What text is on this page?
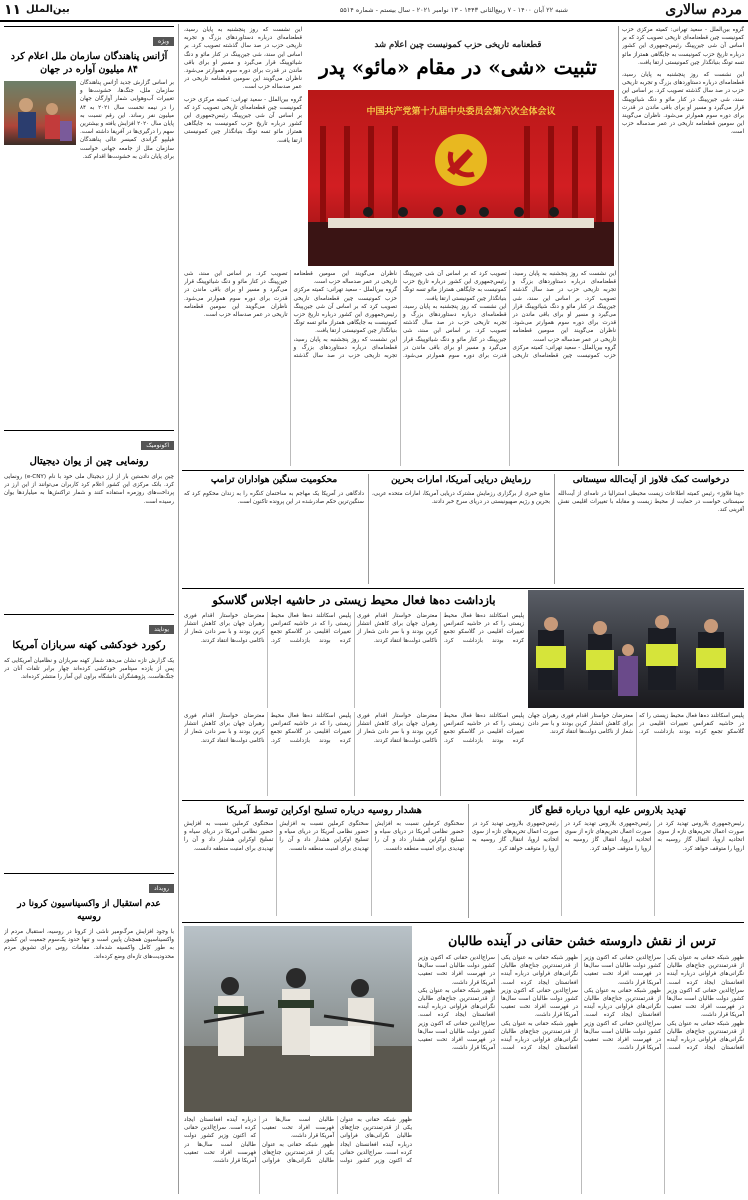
مردم سالاری
شنبه ۲۲ آبان ۱۴۰۰ - ۷ ربیع‌الثانی ۱۴۴۳ - ۱۳ نوامبر ۲۰۲۱ - سال بیستم - شماره ۵۵۱۴
بین‌الملل
۱۱
ویژه
آژانس پناهندگان سازمان ملل اعلام کرد ۸۴ میلیون آواره در جهان
بر اساس گزارش جدید آژانس پناهندگان سازمان ملل، جنگ‌ها، خشونت‌ها و تغییرات آب‌وهوایی شمار آوارگان جهان را در نیمه نخست سال ۲۰۲۱ به ۸۴ میلیون نفر رساند. این رقم نسبت به پایان سال ۲۰۲۰ افزایش یافته و بیشترین سهم را درگیری‌ها در آفریقا داشته است. فیلیپو گراندی کمیسر عالی پناهندگان سازمان ملل از جامعه جهانی خواست برای پایان دادن به خشونت‌ها اقدام کند.
اکونومیک
رونمایی چین از یوان دیجیتال
چین برای نخستین بار از ارز دیجیتال ملی خود با نام (e-CNY) رونمایی کرد. بانک مرکزی این کشور اعلام کرد کاربران می‌توانند از این ارز در پرداخت‌های روزمره استفاده کنند و شمار تراکنش‌ها به میلیاردها یوان رسیده است.
یونایتد
رکورد خودکشی کهنه سربازان آمریکا
یک گزارش تازه نشان می‌دهد شمار کهنه سربازان و نظامیان آمریکایی که پس از یازده سپتامبر خودکشی کرده‌اند چهار برابر تلفات آنان در جنگ‌هاست. پژوهشگران دانشگاه براون این آمار را منتشر کرده‌اند.
رویداد
عدم استقبال از واکسیناسیون کرونا در روسیه
با وجود افزایش مرگ‌ومیر ناشی از کرونا در روسیه، استقبال مردم از واکسیناسیون همچنان پایین است و تنها حدود یک‌سوم جمعیت این کشور به طور کامل واکسینه شده‌اند. مقامات روس برای تشویق مردم محدودیت‌های تازه‌ای وضع کرده‌اند.
گروه بین‌الملل - سعید تهرانی: کمیته مرکزی حزب کمونیست چین قطعنامه‌ای تاریخی تصویب کرد که بر اساس آن شی جین‌پینگ رئیس‌جمهوری این کشور درباره تاریخ حزب کمونیست به جایگاهی همتراز مائو تسه تونگ بنیانگذار چین کمونیستی ارتقا یافت.
این نشست که روز پنجشنبه به پایان رسید، قطعنامه‌ای درباره دستاوردهای بزرگ و تجربه تاریخی حزب در صد سال گذشته تصویب کرد. بر اساس این سند، شی جین‌پینگ در کنار مائو و دنگ شیائوپینگ قرار می‌گیرد و مسیر او برای باقی ماندن در قدرت برای دوره سوم هموارتر می‌شود. ناظران می‌گویند این سومین قطعنامه تاریخی در عمر صدساله حزب است.
قطعنامه تاریخی حزب کمونیست چین اعلام شد
تثبیت «شی» در مقام «مائو» پدر
中国共产党第十九届中央委员会第六次全体会议
این نشست که روز پنجشنبه به پایان رسید، قطعنامه‌ای درباره دستاوردهای بزرگ و تجربه تاریخی حزب در صد سال گذشته تصویب کرد. بر اساس این سند، شی جین‌پینگ در کنار مائو و دنگ شیائوپینگ قرار می‌گیرد و مسیر او برای باقی ماندن در قدرت برای دوره سوم هموارتر می‌شود. ناظران می‌گویند این سومین قطعنامه تاریخی در عمر صدساله حزب است.
گروه بین‌الملل - سعید تهرانی: کمیته مرکزی حزب کمونیست چین قطعنامه‌ای تاریخی تصویب کرد که بر اساس آن شی جین‌پینگ رئیس‌جمهوری این کشور درباره تاریخ حزب کمونیست به جایگاهی همتراز مائو تسه تونگ بنیانگذار چین کمونیستی ارتقا یافت.
این نشست که روز پنجشنبه به پایان رسید، قطعنامه‌ای درباره دستاوردهای بزرگ و تجربه تاریخی حزب در صد سال گذشته تصویب کرد. بر اساس این سند، شی جین‌پینگ در کنار مائو و دنگ شیائوپینگ قرار می‌گیرد و مسیر او برای باقی ماندن در قدرت برای دوره سوم هموارتر می‌شود. ناظران می‌گویند این سومین قطعنامه تاریخی در عمر صدساله حزب است.
گروه بین‌الملل - سعید تهرانی: کمیته مرکزی حزب کمونیست چین قطعنامه‌ای تاریخی تصویب کرد که بر اساس آن شی جین‌پینگ رئیس‌جمهوری این کشور درباره تاریخ حزب کمونیست به جایگاهی همتراز مائو تسه تونگ بنیانگذار چین کمونیستی ارتقا یافت.
این نشست که روز پنجشنبه به پایان رسید، قطعنامه‌ای درباره دستاوردهای بزرگ و تجربه تاریخی حزب در صد سال گذشته تصویب کرد. بر اساس این سند، شی جین‌پینگ در کنار مائو و دنگ شیائوپینگ قرار می‌گیرد و مسیر او برای باقی ماندن در قدرت برای دوره سوم هموارتر می‌شود. ناظران می‌گویند این سومین قطعنامه تاریخی در عمر صدساله حزب است.
این نشست که روز پنجشنبه به پایان رسید، قطعنامه‌ای درباره دستاوردهای بزرگ و تجربه تاریخی حزب در صد سال گذشته تصویب کرد. بر اساس این سند، شی جین‌پینگ در کنار مائو و دنگ شیائوپینگ قرار می‌گیرد و مسیر او برای باقی ماندن در قدرت برای دوره سوم هموارتر می‌شود. ناظران می‌گویند این سومین قطعنامه تاریخی در عمر صدساله حزب است.
گروه بین‌الملل - سعید تهرانی: کمیته مرکزی حزب کمونیست چین قطعنامه‌ای تاریخی تصویب کرد که بر اساس آن شی جین‌پینگ رئیس‌جمهوری این کشور درباره تاریخ حزب کمونیست به جایگاهی همتراز مائو تسه تونگ بنیانگذار چین کمونیستی ارتقا یافت.
درخواست کمک فلاوز از آیت‌الله سیستانی
«پیتا فلاوز» رئیس کمیته اطلاعات زیست محیطی استرالیا در نامه‌ای از آیت‌الله سیستانی خواست در حمایت از محیط زیست و مقابله با تغییرات اقلیمی نقش آفرینی کند.
رزمایش دریایی آمریکا، امارات بحرین
منابع خبری از برگزاری رزمایش مشترک دریایی آمریکا، امارات متحده عربی، بحرین و رژیم صهیونیستی در دریای سرخ خبر دادند.
محکومیت سنگین هواداران ترامپ
دادگاهی در آمریکا یک مهاجم به ساختمان کنگره را به زندان محکوم کرد که سنگین‌ترین حکم صادرشده در این پرونده تاکنون است.
بازداشت ده‌ها فعال محیط زیستی در حاشیه اجلاس گلاسکو
پلیس اسکاتلند ده‌ها فعال محیط زیستی را که در حاشیه کنفرانس تغییرات اقلیمی در گلاسکو تجمع کرده بودند بازداشت کرد. معترضان خواستار اقدام فوری رهبران جهان برای کاهش انتشار کربن بودند و با سر دادن شعار از ناکامی دولت‌ها انتقاد کردند.
پلیس اسکاتلند ده‌ها فعال محیط زیستی را که در حاشیه کنفرانس تغییرات اقلیمی در گلاسکو تجمع کرده بودند بازداشت کرد. معترضان خواستار اقدام فوری رهبران جهان برای کاهش انتشار کربن بودند و با سر دادن شعار از ناکامی دولت‌ها انتقاد کردند.
پلیس اسکاتلند ده‌ها فعال محیط زیستی را که در حاشیه کنفرانس تغییرات اقلیمی در گلاسکو تجمع کرده بودند بازداشت کرد. معترضان خواستار اقدام فوری رهبران جهان برای کاهش انتشار کربن بودند و با سر دادن شعار از ناکامی دولت‌ها انتقاد کردند.
پلیس اسکاتلند ده‌ها فعال محیط زیستی را که در حاشیه کنفرانس تغییرات اقلیمی در گلاسکو تجمع کرده بودند بازداشت کرد. معترضان خواستار اقدام فوری رهبران جهان برای کاهش انتشار کربن بودند و با سر دادن شعار از ناکامی دولت‌ها انتقاد کردند.
پلیس اسکاتلند ده‌ها فعال محیط زیستی را که در حاشیه کنفرانس تغییرات اقلیمی در گلاسکو تجمع کرده بودند بازداشت کرد. معترضان خواستار اقدام فوری رهبران جهان برای کاهش انتشار کربن بودند و با سر دادن شعار از ناکامی دولت‌ها انتقاد کردند.
تهدید بلاروس علیه اروپا درباره قطع گاز
رئیس‌جمهوری بلاروس تهدید کرد در صورت اعمال تحریم‌های تازه از سوی اتحادیه اروپا، انتقال گاز روسیه به اروپا را متوقف خواهد کرد.
رئیس‌جمهوری بلاروس تهدید کرد در صورت اعمال تحریم‌های تازه از سوی اتحادیه اروپا، انتقال گاز روسیه به اروپا را متوقف خواهد کرد.
رئیس‌جمهوری بلاروس تهدید کرد در صورت اعمال تحریم‌های تازه از سوی اتحادیه اروپا، انتقال گاز روسیه به اروپا را متوقف خواهد کرد.
هشدار روسیه درباره تسلیح اوکراین توسط آمریکا
سخنگوی کرملین نسبت به افزایش حضور نظامی آمریکا در دریای سیاه و تسلیح اوکراین هشدار داد و آن را تهدیدی برای امنیت منطقه دانست.
سخنگوی کرملین نسبت به افزایش حضور نظامی آمریکا در دریای سیاه و تسلیح اوکراین هشدار داد و آن را تهدیدی برای امنیت منطقه دانست.
سخنگوی کرملین نسبت به افزایش حضور نظامی آمریکا در دریای سیاه و تسلیح اوکراین هشدار داد و آن را تهدیدی برای امنیت منطقه دانست.
ترس از نقش داروسته خشن حقانی در آینده طالبان
ظهور شبکه حقانی به عنوان یکی از قدرتمندترین جناح‌های طالبان نگرانی‌های فراوانی درباره آینده افغانستان ایجاد کرده است. سراج‌الدین حقانی که اکنون وزیر کشور دولت طالبان است سال‌ها در فهرست افراد تحت تعقیب آمریکا قرار داشت.
ظهور شبکه حقانی به عنوان یکی از قدرتمندترین جناح‌های طالبان نگرانی‌های فراوانی درباره آینده افغانستان ایجاد کرده است. سراج‌الدین حقانی که اکنون وزیر کشور دولت طالبان است سال‌ها در فهرست افراد تحت تعقیب آمریکا قرار داشت.
ظهور شبکه حقانی به عنوان یکی از قدرتمندترین جناح‌های طالبان نگرانی‌های فراوانی درباره آینده افغانستان ایجاد کرده است. سراج‌الدین حقانی که اکنون وزیر کشور دولت طالبان است سال‌ها در فهرست افراد تحت تعقیب آمریکا قرار داشت.
ظهور شبکه حقانی به عنوان یکی از قدرتمندترین جناح‌های طالبان نگرانی‌های فراوانی درباره آینده افغانستان ایجاد کرده است. سراج‌الدین حقانی که اکنون وزیر کشور دولت طالبان است سال‌ها در فهرست افراد تحت تعقیب آمریکا قرار داشت.
ظهور شبکه حقانی به عنوان یکی از قدرتمندترین جناح‌های طالبان نگرانی‌های فراوانی درباره آینده افغانستان ایجاد کرده است. سراج‌الدین حقانی که اکنون وزیر کشور دولت طالبان است سال‌ها در فهرست افراد تحت تعقیب آمریکا قرار داشت.
ظهور شبکه حقانی به عنوان یکی از قدرتمندترین جناح‌های طالبان نگرانی‌های فراوانی درباره آینده افغانستان ایجاد کرده است. سراج‌الدین حقانی که اکنون وزیر کشور دولت طالبان است سال‌ها در فهرست افراد تحت تعقیب آمریکا قرار داشت.
ظهور شبکه حقانی به عنوان یکی از قدرتمندترین جناح‌های طالبان نگرانی‌های فراوانی درباره آینده افغانستان ایجاد کرده است. سراج‌الدین حقانی که اکنون وزیر کشور دولت طالبان است سال‌ها در فهرست افراد تحت تعقیب آمریکا قرار داشت.
ظهور شبکه حقانی به عنوان یکی از قدرتمندترین جناح‌های طالبان نگرانی‌های فراوانی درباره آینده افغانستان ایجاد کرده است. سراج‌الدین حقانی که اکنون وزیر کشور دولت طالبان است سال‌ها در فهرست افراد تحت تعقیب آمریکا قرار داشت.
